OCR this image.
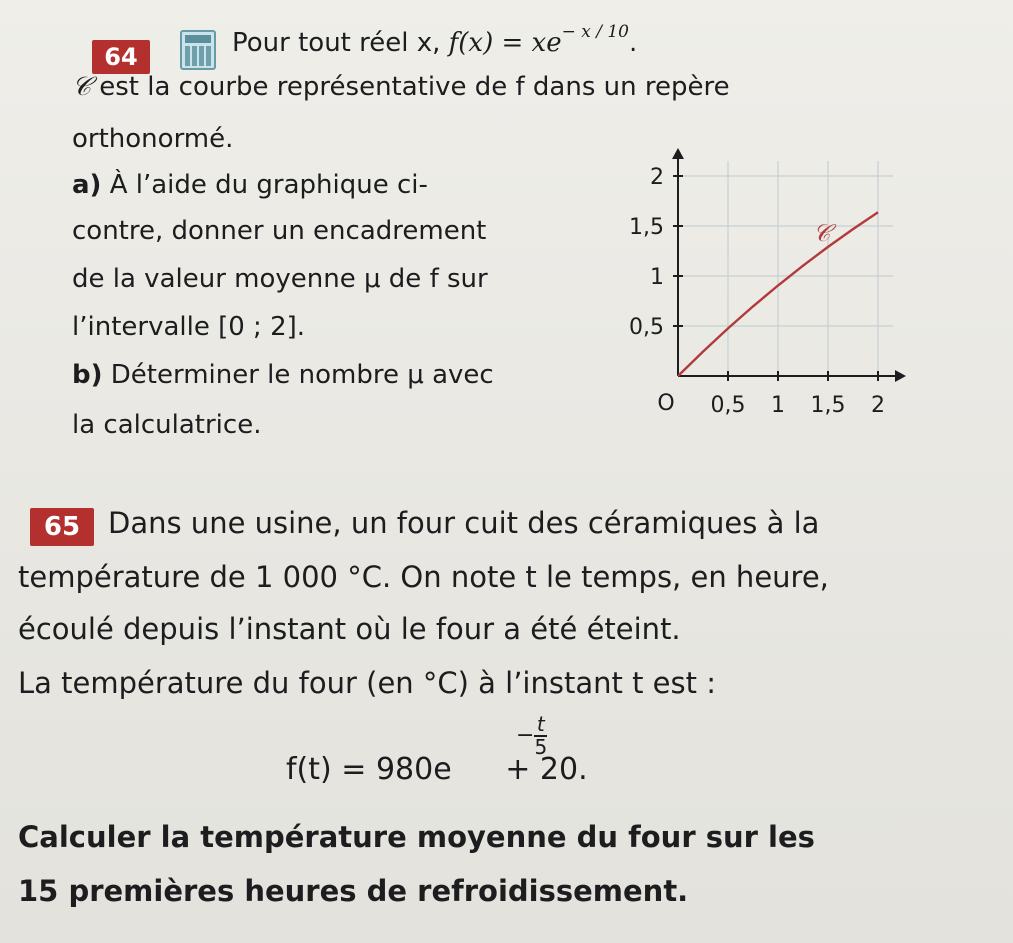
64	Pour tout réel x, $f(x) = xe^{- x / 10}$.
𝒞 est la courbe représentative de f dans un repère
orthonormé.
a) À l’aide du graphique ci-
contre, donner un encadrement
de la valeur moyenne μ de f sur
l’intervalle [0 ; 2].
b) Déterminer le nombre μ avec
la calculatrice.
0,5 1 1,5 2
0,5
1
1,5
2
𝒞
O
65 Dans une usine, un four cuit des céramiques à la
température de 1 000 °C. On note t le temps, en heure,
écoulé depuis l’instant où le four a été éteint.
La température du four (en °C) à l’instant t est :
f(t) = 980e
− $\frac{t}{5}$
+ 20.
Calculer la température moyenne du four sur les
15 premières heures de refroidissement.
